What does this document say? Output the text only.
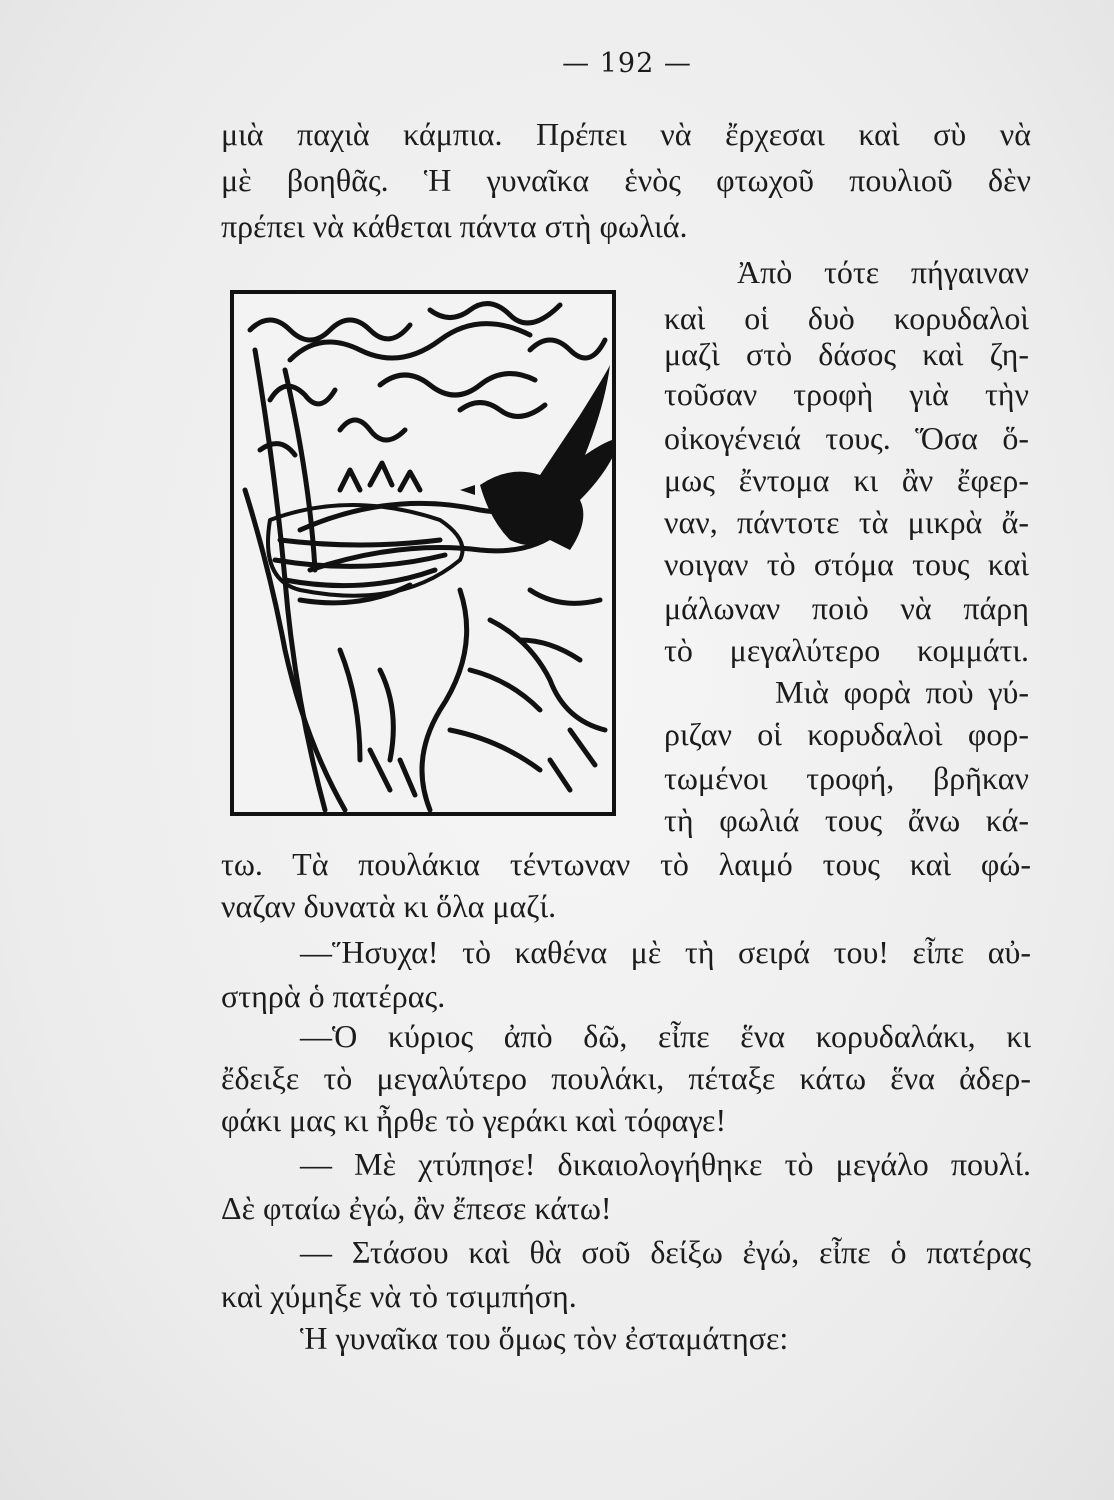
— 192 —
μιὰ παχιὰ κάμπια. Πρέπει νὰ ἔρχεσαι καὶ σὺ νὰ
μὲ βοηθᾶς. Ἡ γυναῖκα ἑνὸς φτωχοῦ πουλιοῦ δὲν
πρέπει νὰ κάθεται πάντα στὴ φωλιά.
Ἀπὸ τότε πήγαιναν
καὶ οἱ δυὸ κορυδαλοὶ
μαζὶ στὸ δάσος καὶ ζη-
τοῦσαν τροφὴ γιὰ τὴν
οἰκογένειά τους. Ὅσα ὅ-
μως ἔντομα κι ἂν ἔφερ-
ναν, πάντοτε τὰ μικρὰ ἄ-
νοιγαν τὸ στόμα τους καὶ
μάλωναν ποιὸ νὰ πάρη
τὸ μεγαλύτερο κομμάτι.
Μιὰ φορὰ ποὺ γύ-
ριζαν οἱ κορυδαλοὶ φορ-
τωμένοι τροφή, βρῆκαν
τὴ φωλιά τους ἄνω κά-
τω. Τὰ πουλάκια τέντωναν τὸ λαιμό τους καὶ φώ-
ναζαν δυνατὰ κι ὅλα μαζί.
—Ἥσυχα! τὸ καθένα μὲ τὴ σειρά του! εἶπε αὐ-
στηρὰ ὁ πατέρας.
—Ὁ κύριος ἀπὸ δῶ, εἶπε ἕνα κορυδαλάκι, κι
ἔδειξε τὸ μεγαλύτερο πουλάκι, πέταξε κάτω ἕνα ἀδερ-
φάκι μας κι ἦρθε τὸ γεράκι καὶ τόφαγε!
— Μὲ χτύπησε! δικαιολογήθηκε τὸ μεγάλο πουλί.
Δὲ φταίω ἐγώ, ἂν ἔπεσε κάτω!
— Στάσου καὶ θὰ σοῦ δείξω ἐγώ, εἶπε ὁ πατέρας
καὶ χύμηξε νὰ τὸ τσιμπήση.
Ἡ γυναῖκα του ὅμως τὸν ἐσταμάτησε:
